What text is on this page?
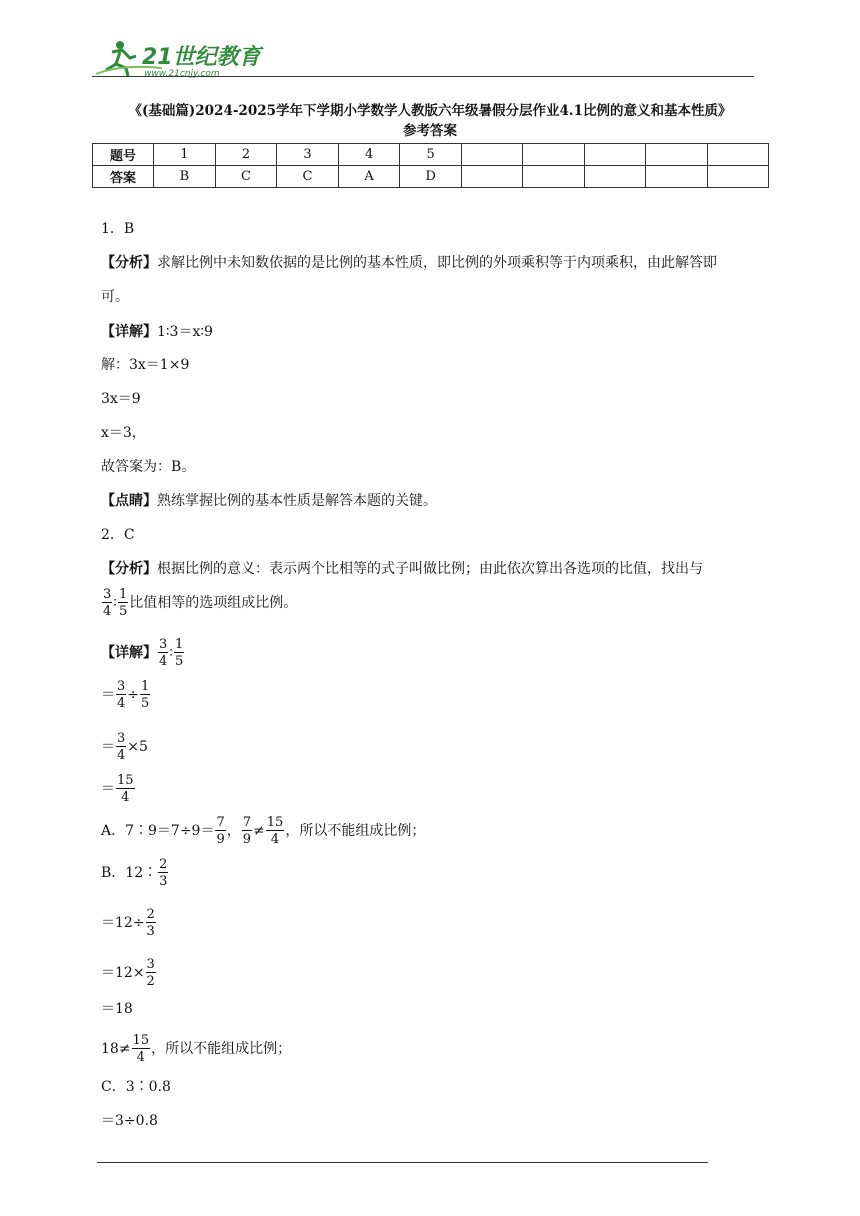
21世纪教育
www.21cnjy.com
《(基础篇)2024-2025学年下学期小学数学人教版六年级暑假分层作业4.1比例的意义和基本性质》
参考答案
题号	1	2	3	4	5					
答案	B	C	C	A	D					
1．B
【分析】求解比例中未知数依据的是比例的基本性质，即比例的外项乘积等于内项乘积，由此解答即
可。
【详解】1∶3＝x∶9
解：3x＝1×9
3x＝9
x＝3，
故答案为：B。
【点睛】熟练掌握比例的基本性质是解答本题的关键。
2．C
【分析】根据比例的意义：表示两个比相等的式子叫做比例；由此依次算出各选项的比值，找出与
$\frac{3}{4}$ ∶ $\frac{1}{5}$ 比值相等的选项组成比例。
【详解】 $\frac{3}{4}$ ∶ $\frac{1}{5}$
＝ $\frac{3}{4} \div \frac{1}{5}$
＝ $\frac{3}{4} \times 5$
＝ $\frac{15}{4}$
A．7∶9＝7÷9＝ $\frac{7}{9}$ ， $\frac{7}{9} \ne \frac{15}{4}$ ，所以不能组成比例；
B．12∶ $\frac{2}{3}$
$=12\div \frac{2}{3}$
$=12\times \frac{3}{2}$
＝18
$18\ne \frac{15}{4}$ ，所以不能组成比例；
C．3∶0.8
＝3÷0.8
